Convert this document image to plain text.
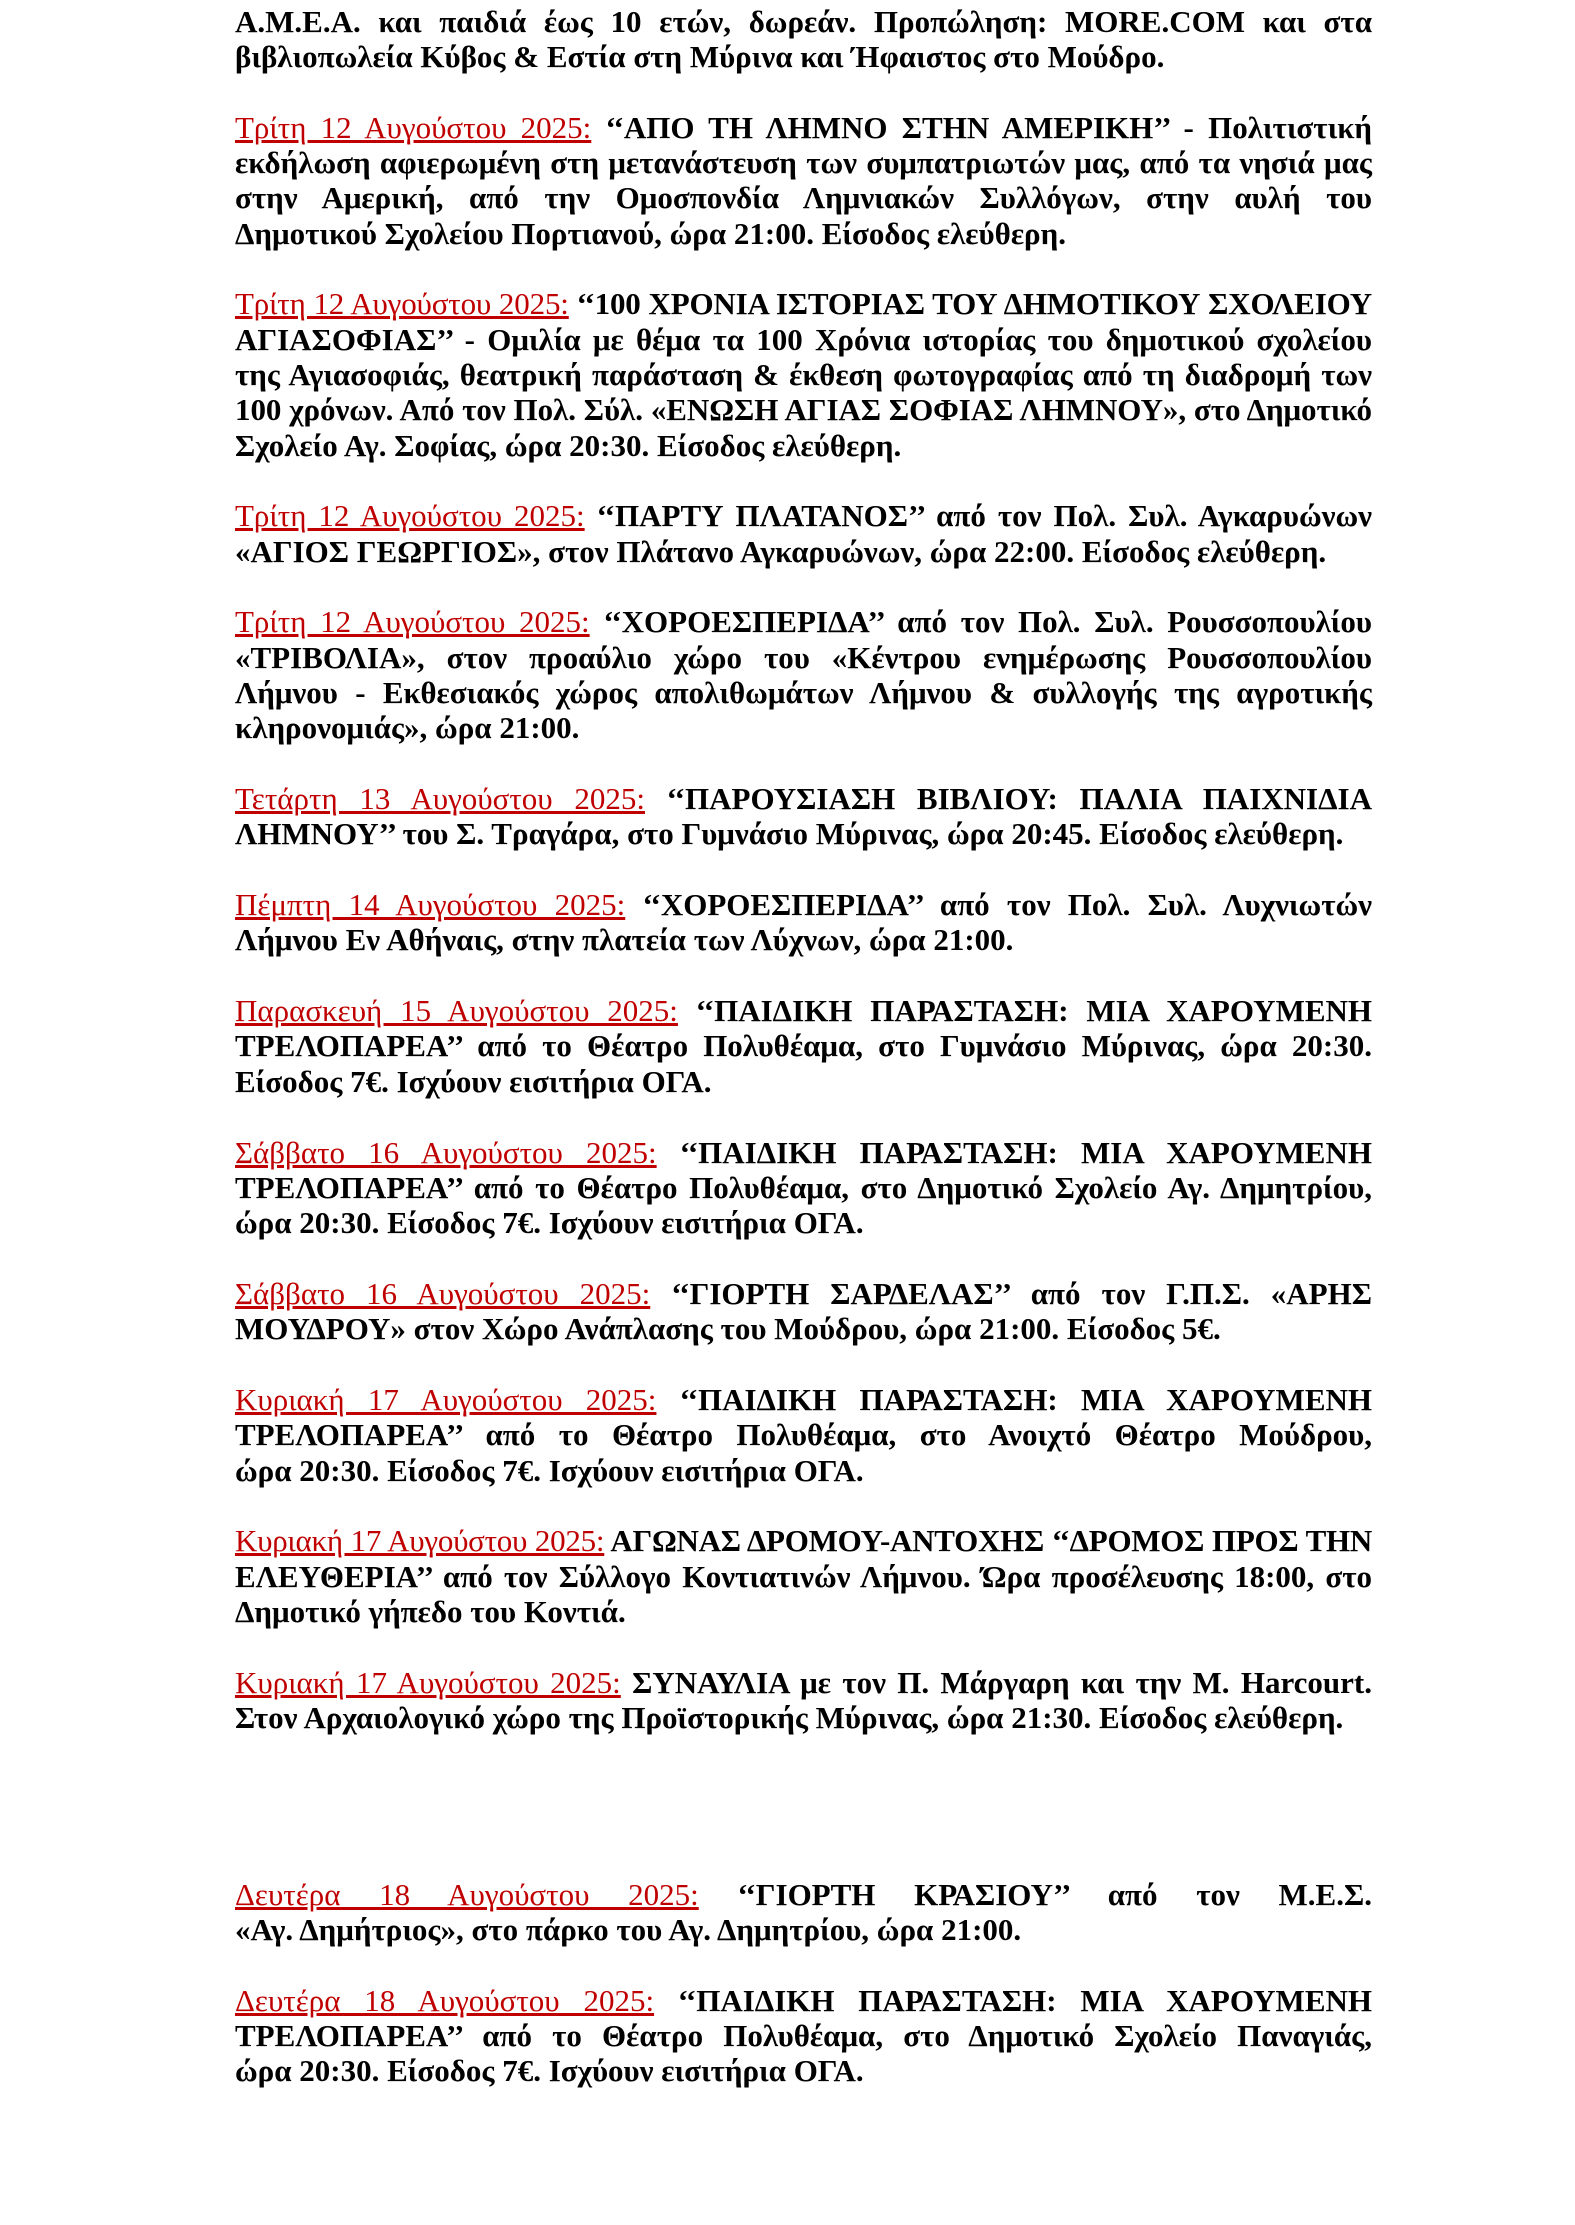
Α.Μ.Ε.Α. και παιδιά έως 10 ετών, δωρεάν. Προπώληση: MORE.COM και στα
βιβλιοπωλεία Κύβος & Εστία στη Μύρινα και Ήφαιστος στο Μούδρο.
Τρίτη 12 Αυγούστου 2025: ‘‘ΑΠΟ ΤΗ ΛΗΜΝΟ ΣΤΗΝ ΑΜΕΡΙΚΗ’’ - Πολιτιστική
εκδήλωση αφιερωμένη στη μετανάστευση των συμπατριωτών μας, από τα νησιά μας
στην Αμερική, από την Ομοσπονδία Λημνιακών Συλλόγων, στην αυλή του
Δημοτικού Σχολείου Πορτιανού, ώρα 21:00. Είσοδος ελεύθερη.
Τρίτη 12 Αυγούστου 2025: ‘‘100 ΧΡΟΝΙΑ ΙΣΤΟΡΙΑΣ ΤΟΥ ΔΗΜΟΤΙΚΟΥ ΣΧΟΛΕΙΟΥ
ΑΓΙΑΣΟΦΙΑΣ’’ - Ομιλία με θέμα τα 100 Χρόνια ιστορίας του δημοτικού σχολείου
της Αγιασοφιάς, θεατρική παράσταση & έκθεση φωτογραφίας από τη διαδρομή των
100 χρόνων. Από τον Πολ. Σύλ. «ΕΝΩΣΗ ΑΓΙΑΣ ΣΟΦΙΑΣ ΛΗΜΝΟΥ», στο Δημοτικό
Σχολείο Αγ. Σοφίας, ώρα 20:30. Είσοδος ελεύθερη.
Τρίτη 12 Αυγούστου 2025: ‘‘ΠΑΡΤΥ ΠΛΑΤΑΝΟΣ’’ από τον Πολ. Συλ. Αγκαρυώνων
«ΑΓΙΟΣ ΓΕΩΡΓΙΟΣ», στον Πλάτανο Αγκαρυώνων, ώρα 22:00. Είσοδος ελεύθερη.
Τρίτη 12 Αυγούστου 2025: ‘‘ΧΟΡΟΕΣΠΕΡΙΔΑ’’ από τον Πολ. Συλ. Ρουσσοπουλίου
«ΤΡΙΒΟΛΙΑ», στον προαύλιο χώρο του «Κέντρου ενημέρωσης Ρουσσοπουλίου
Λήμνου - Εκθεσιακός χώρος απολιθωμάτων Λήμνου & συλλογής της αγροτικής
κληρονομιάς», ώρα 21:00.
Τετάρτη 13 Αυγούστου 2025: ‘‘ΠΑΡΟΥΣΙΑΣΗ ΒΙΒΛΙΟΥ: ΠΑΛΙΑ ΠΑΙΧΝΙΔΙΑ
ΛΗΜΝΟΥ’’ του Σ. Τραγάρα, στο Γυμνάσιο Μύρινας, ώρα 20:45. Είσοδος ελεύθερη.
Πέμπτη 14 Αυγούστου 2025: ‘‘ΧΟΡΟΕΣΠΕΡΙΔΑ’’ από τον Πολ. Συλ. Λυχνιωτών
Λήμνου Εν Αθήναις, στην πλατεία των Λύχνων, ώρα 21:00.
Παρασκευή 15 Αυγούστου 2025: ‘‘ΠΑΙΔΙΚΗ ΠΑΡΑΣΤΑΣΗ: ΜΙΑ ΧΑΡΟΥΜΕΝΗ
ΤΡΕΛΟΠΑΡΕΑ’’ από το Θέατρο Πολυθέαμα, στο Γυμνάσιο Μύρινας, ώρα 20:30.
Είσοδος 7€. Ισχύουν εισιτήρια ΟΓΑ.
Σάββατο 16 Αυγούστου 2025: ‘‘ΠΑΙΔΙΚΗ ΠΑΡΑΣΤΑΣΗ: ΜΙΑ ΧΑΡΟΥΜΕΝΗ
ΤΡΕΛΟΠΑΡΕΑ’’ από το Θέατρο Πολυθέαμα, στο Δημοτικό Σχολείο Αγ. Δημητρίου,
ώρα 20:30. Είσοδος 7€. Ισχύουν εισιτήρια ΟΓΑ.
Σάββατο 16 Αυγούστου 2025: ‘‘ΓΙΟΡΤΗ ΣΑΡΔΕΛΑΣ’’ από τον Γ.Π.Σ. «ΑΡΗΣ
ΜΟΥΔΡΟΥ» στον Χώρο Ανάπλασης του Μούδρου, ώρα 21:00. Είσοδος 5€.
Κυριακή 17 Αυγούστου 2025: ‘‘ΠΑΙΔΙΚΗ ΠΑΡΑΣΤΑΣΗ: ΜΙΑ ΧΑΡΟΥΜΕΝΗ
ΤΡΕΛΟΠΑΡΕΑ’’ από το Θέατρο Πολυθέαμα, στο Ανοιχτό Θέατρο Μούδρου,
ώρα 20:30. Είσοδος 7€. Ισχύουν εισιτήρια ΟΓΑ.
Κυριακή 17 Αυγούστου 2025: ΑΓΩΝΑΣ ΔΡΟΜΟΥ-ΑΝΤΟΧΗΣ ‘‘ΔΡΟΜΟΣ ΠΡΟΣ ΤΗΝ
ΕΛΕΥΘΕΡΙΑ’’ από τον Σύλλογο Κοντιατινών Λήμνου. Ώρα προσέλευσης 18:00, στο
Δημοτικό γήπεδο του Κοντιά.
Κυριακή 17 Αυγούστου 2025: ΣΥΝΑΥΛΙΑ με τον Π. Μάργαρη και την Μ. Harcourt.
Στον Αρχαιολογικό χώρο της Προϊστορικής Μύρινας, ώρα 21:30. Είσοδος ελεύθερη.
Δευτέρα 18 Αυγούστου 2025: ‘‘ΓΙΟΡΤΗ ΚΡΑΣΙΟΥ’’ από τον Μ.Ε.Σ.
«Αγ. Δημήτριος», στο πάρκο του Αγ. Δημητρίου, ώρα 21:00.
Δευτέρα 18 Αυγούστου 2025: ‘‘ΠΑΙΔΙΚΗ ΠΑΡΑΣΤΑΣΗ: ΜΙΑ ΧΑΡΟΥΜΕΝΗ
ΤΡΕΛΟΠΑΡΕΑ’’ από το Θέατρο Πολυθέαμα, στο Δημοτικό Σχολείο Παναγιάς,
ώρα 20:30. Είσοδος 7€. Ισχύουν εισιτήρια ΟΓΑ.
